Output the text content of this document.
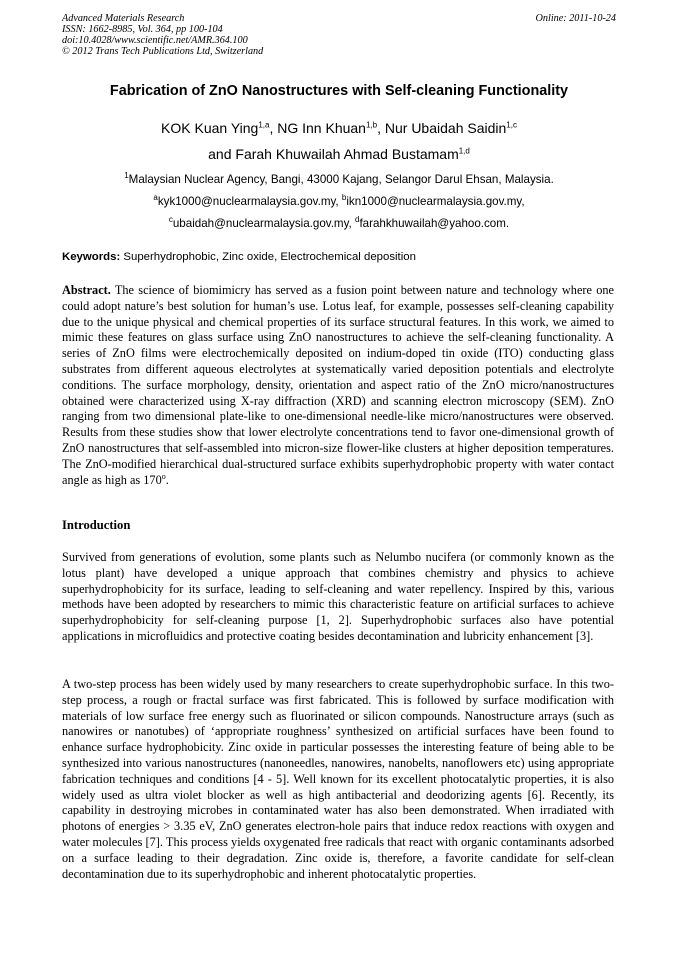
Advanced Materials Research
ISSN: 1662-8985, Vol. 364, pp 100-104
doi:10.4028/www.scientific.net/AMR.364.100
© 2012 Trans Tech Publications Ltd, Switzerland
Online: 2011-10-24
Fabrication of ZnO Nanostructures with Self-cleaning Functionality
KOK Kuan Ying$^{1,a}$, NG Inn Khuan$^{1,b}$, Nur Ubaidah Saidin$^{1,c}$
and Farah Khuwailah Ahmad Bustamam$^{1,d}$
$^1$Malaysian Nuclear Agency, Bangi, 43000 Kajang, Selangor Darul Ehsan, Malaysia.
$^a$kyk1000@nuclearmalaysia.gov.my, $^b$ikn1000@nuclearmalaysia.gov.my,
$^c$ubaidah@nuclearmalaysia.gov.my, $^d$farahkhuwailah@yahoo.com.
Keywords: Superhydrophobic, Zinc oxide, Electrochemical deposition
Abstract. The science of biomimicry has served as a fusion point between nature and technology where one could adopt nature’s best solution for human’s use. Lotus leaf, for example, possesses self-cleaning capability due to the unique physical and chemical properties of its surface structural features. In this work, we aimed to mimic these features on glass surface using ZnO nanostructures to achieve the self-cleaning functionality. A series of ZnO films were electrochemically deposited on indium-doped tin oxide (ITO) conducting glass substrates from different aqueous electrolytes at systematically varied deposition potentials and electrolyte conditions. The surface morphology, density, orientation and aspect ratio of the ZnO micro/nanostructures obtained were characterized using X-ray diffraction (XRD) and scanning electron microscopy (SEM). ZnO ranging from two dimensional plate-like to one-dimensional needle-like micro/nanostructures were observed. Results from these studies show that lower electrolyte concentrations tend to favor one-dimensional growth of ZnO nanostructures that self-assembled into micron-size flower-like clusters at higher deposition temperatures. The ZnO-modified hierarchical dual-structured surface exhibits superhydrophobic property with water contact angle as high as 170$^o$.
Introduction
Survived from generations of evolution, some plants such as Nelumbo nucifera (or commonly known as the lotus plant) have developed a unique approach that combines chemistry and physics to achieve superhydrophobicity for its surface, leading to self-cleaning and water repellency. Inspired by this, various methods have been adopted by researchers to mimic this characteristic feature on artificial surfaces to achieve superhydrophobicity for self-cleaning purpose [1, 2]. Superhydrophobic surfaces also have potential applications in microfluidics and protective coating besides decontamination and lubricity enhancement [3].
A two-step process has been widely used by many researchers to create superhydrophobic surface. In this two-step process, a rough or fractal surface was first fabricated. This is followed by surface modification with materials of low surface free energy such as fluorinated or silicon compounds. Nanostructure arrays (such as nanowires or nanotubes) of ‘appropriate roughness’ synthesized on artificial surfaces have been found to enhance surface hydrophobicity. Zinc oxide in particular possesses the interesting feature of being able to be synthesized into various nanostructures (nanoneedles, nanowires, nanobelts, nanoflowers etc) using appropriate fabrication techniques and conditions [4 - 5]. Well known for its excellent photocatalytic properties, it is also widely used as ultra violet blocker as well as high antibacterial and deodorizing agents [6]. Recently, its capability in destroying microbes in contaminated water has also been demonstrated. When irradiated with photons of energies > 3.35 eV, ZnO generates electron-hole pairs that induce redox reactions with oxygen and water molecules [7]. This process yields oxygenated free radicals that react with organic contaminants adsorbed on a surface leading to their degradation. Zinc oxide is, therefore, a favorite candidate for self-clean decontamination due to its superhydrophobic and inherent photocatalytic properties.
